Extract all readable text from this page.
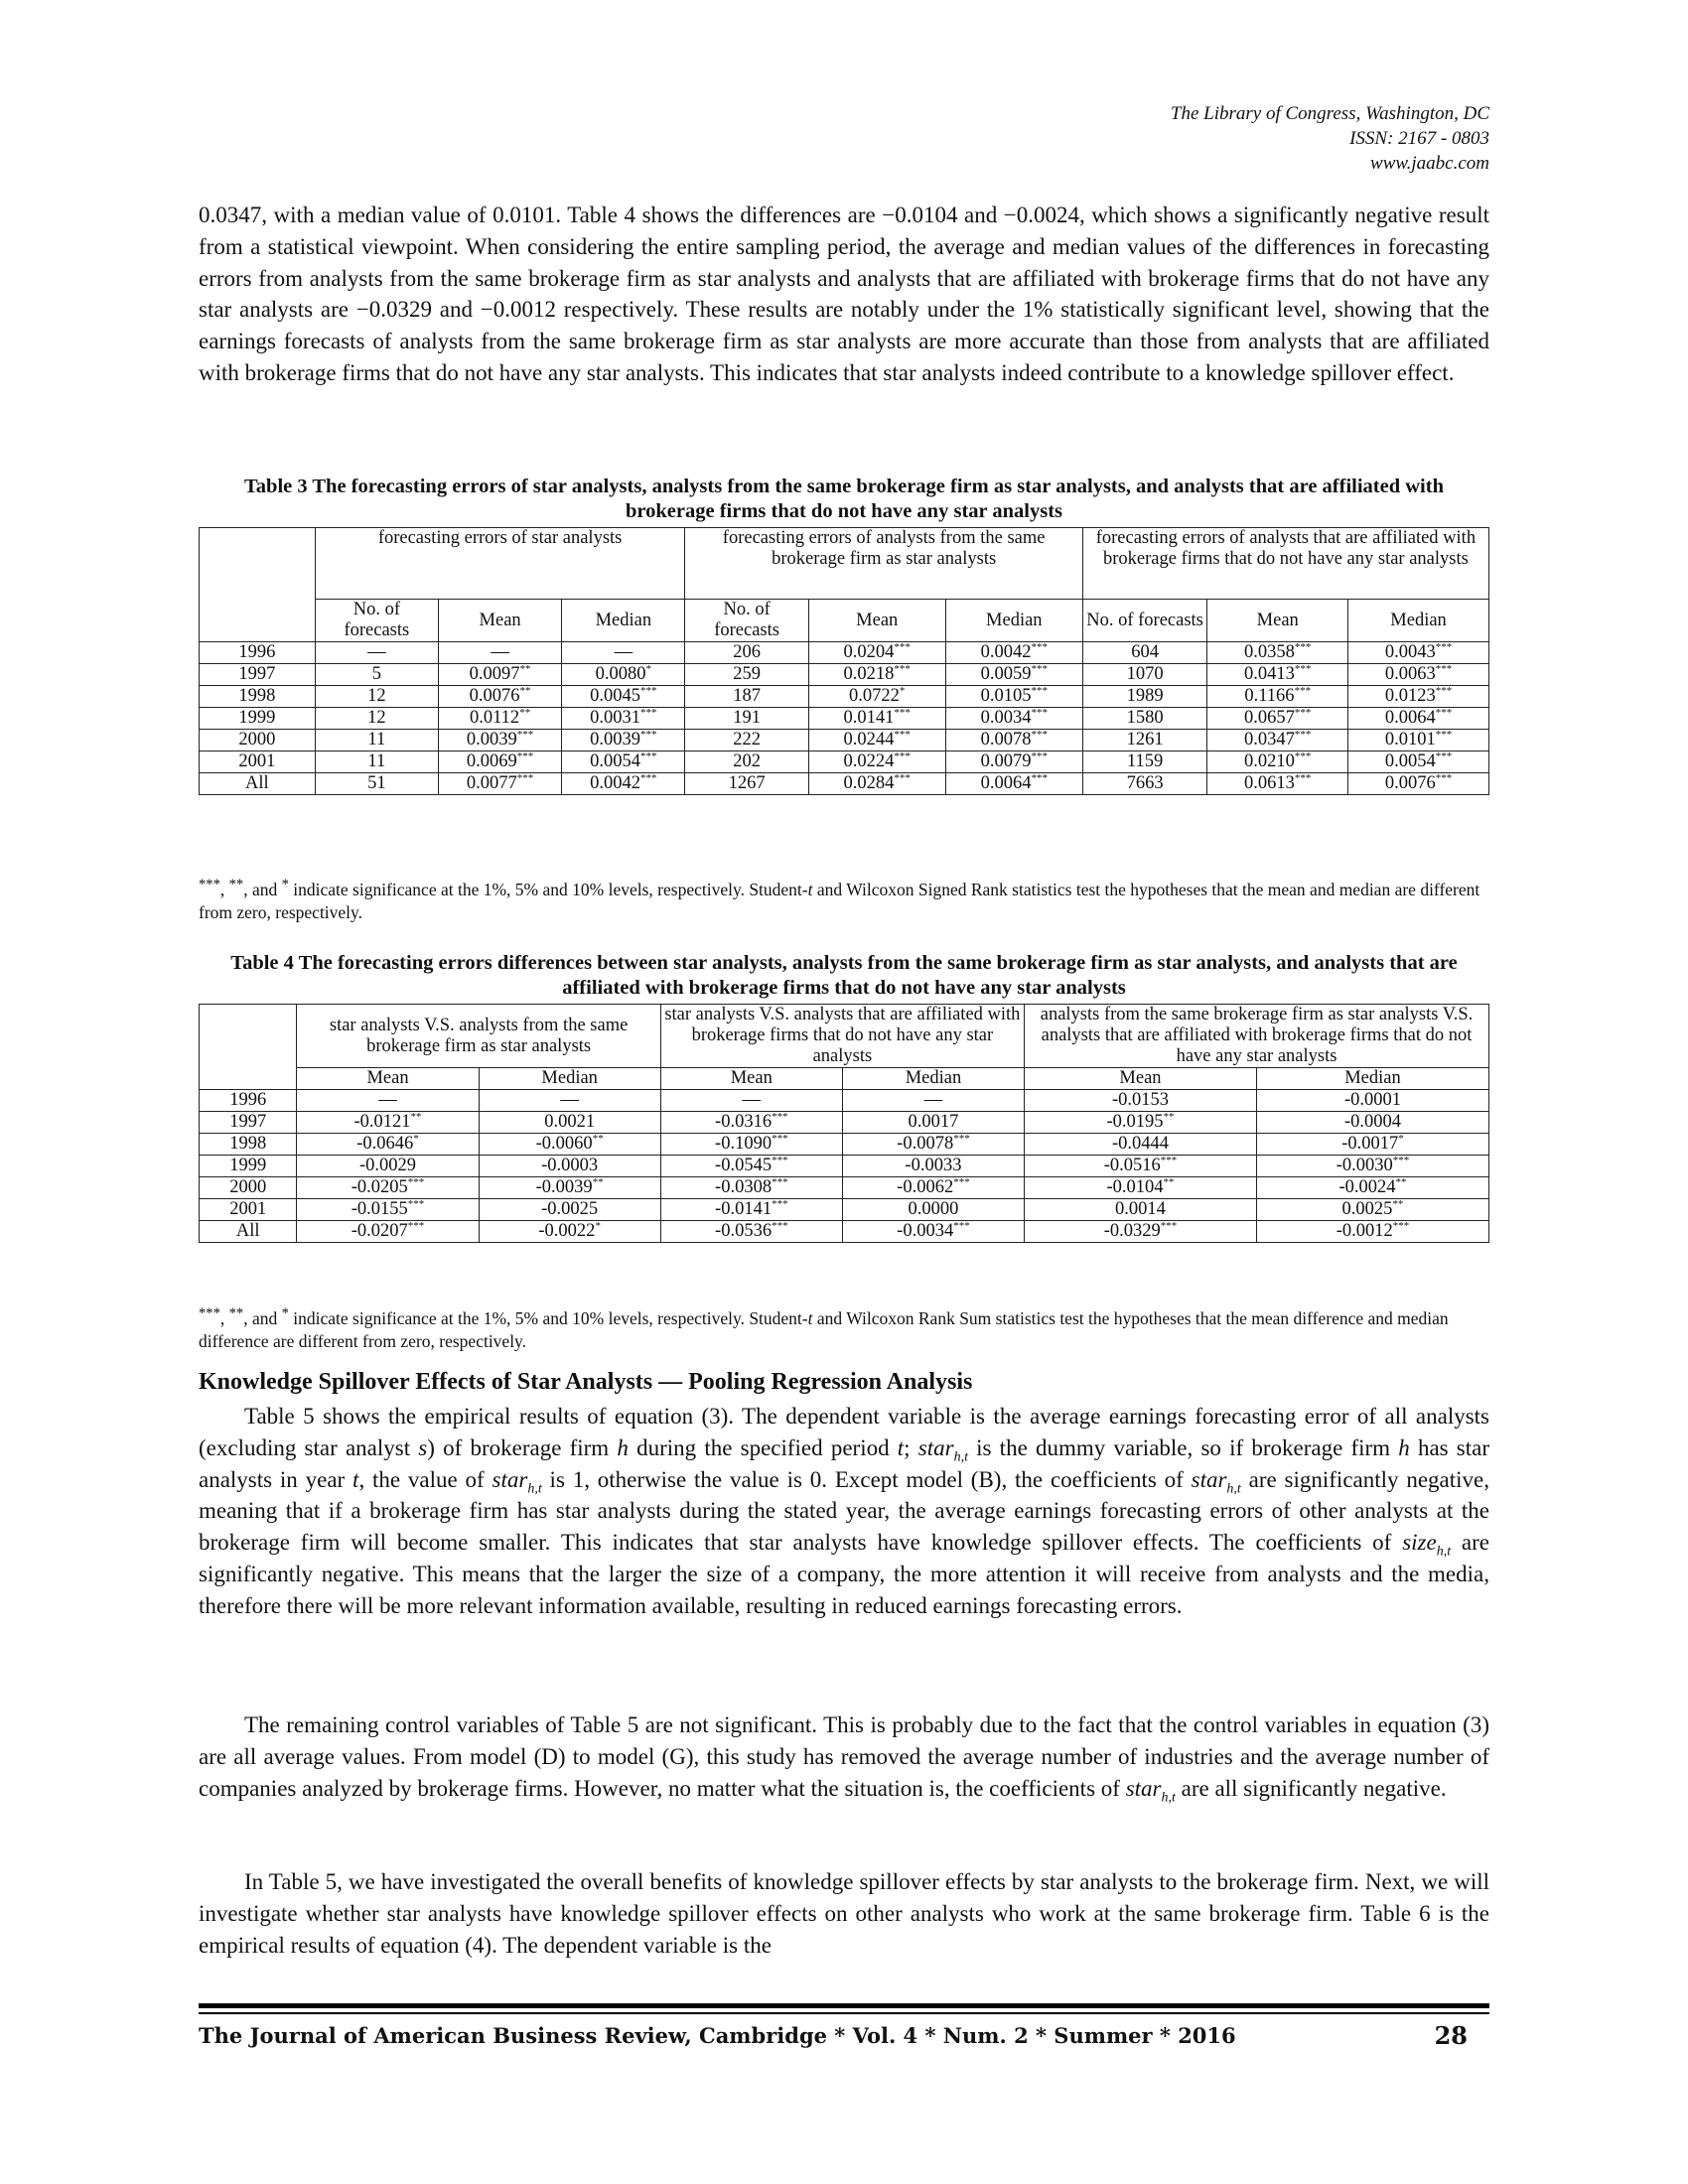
The Library of Congress, Washington, DC
ISSN: 2167 - 0803
www.jaabc.com

0.0347, with a median value of 0.0101. Table 4 shows the differences are −0.0104 and −0.0024, which shows a significantly negative result from a statistical viewpoint. When considering the entire sampling period, the average and median values of the differences in forecasting errors from analysts from the same brokerage firm as star analysts and analysts that are affiliated with brokerage firms that do not have any star analysts are −0.0329 and −0.0012 respectively. These results are notably under the 1% statistically significant level, showing that the earnings forecasts of analysts from the same brokerage firm as star analysts are more accurate than those from analysts that are affiliated with brokerage firms that do not have any star analysts. This indicates that star analysts indeed contribute to a knowledge spillover effect.

Table 3 The forecasting errors of star analysts, analysts from the same brokerage firm as star analysts, and analysts that are affiliated with brokerage firms that do not have any star analysts
	forecasting errors of star analysts			forecasting errors of analysts from the same brokerage firm as star analysts			forecasting errors of analysts that are affiliated with brokerage firms that do not have any star analysts		
	No. of forecasts	Mean	Median	No. of forecasts	Mean	Median	No. of forecasts	Mean	Median
1996	—	—	—	206	0.0204***	0.0042***	604	0.0358***	0.0043***
1997	5	0.0097**	0.0080*	259	0.0218***	0.0059***	1070	0.0413***	0.0063***
1998	12	0.0076**	0.0045***	187	0.0722*	0.0105***	1989	0.1166***	0.0123***
1999	12	0.0112**	0.0031***	191	0.0141***	0.0034***	1580	0.0657***	0.0064***
2000	11	0.0039***	0.0039***	222	0.0244***	0.0078***	1261	0.0347***	0.0101***
2001	11	0.0069***	0.0054***	202	0.0224***	0.0079***	1159	0.0210***	0.0054***
All	51	0.0077***	0.0042***	1267	0.0284***	0.0064***	7663	0.0613***	0.0076***
***, **, and * indicate significance at the 1%, 5% and 10% levels, respectively. Student-t and Wilcoxon Signed Rank statistics test the hypotheses that the mean and median are different from zero, respectively.
Table 4 The forecasting errors differences between star analysts, analysts from the same brokerage firm as star analysts, and analysts that are affiliated with brokerage firms that do not have any star analysts
	star analysts V.S. analysts from the same brokerage firm as star analysts		star analysts V.S. analysts that are affiliated with brokerage firms that do not have any star analysts		analysts from the same brokerage firm as star analysts V.S. analysts that are affiliated with brokerage firms that do not have any star analysts	
	Mean	Median	Mean	Median	Mean	Median
1996	—	—	—	—	-0.0153	-0.0001
1997	-0.0121**	0.0021	-0.0316***	0.0017	-0.0195**	-0.0004
1998	-0.0646*	-0.0060**	-0.1090***	-0.0078***	-0.0444	-0.0017*
1999	-0.0029	-0.0003	-0.0545***	-0.0033	-0.0516***	-0.0030***
2000	-0.0205***	-0.0039**	-0.0308***	-0.0062***	-0.0104**	-0.0024**
2001	-0.0155***	-0.0025	-0.0141***	0.0000	0.0014	0.0025**
All	-0.0207***	-0.0022*	-0.0536***	-0.0034***	-0.0329***	-0.0012***
***, **, and * indicate significance at the 1%, 5% and 10% levels, respectively. Student-t and Wilcoxon Rank Sum statistics test the hypotheses that the mean difference and median difference are different from zero, respectively.
Knowledge Spillover Effects of Star Analysts — Pooling Regression Analysis

Table 5 shows the empirical results of equation (3). The dependent variable is the average earnings forecasting error of all analysts (excluding star analyst s) of brokerage firm h during the specified period t; star$_{h,t}$ is the dummy variable, so if brokerage firm h has star analysts in year t, the value of star$_{h,t}$ is 1, otherwise the value is 0. Except model (B), the coefficients of star$_{h,t}$ are significantly negative, meaning that if a brokerage firm has star analysts during the stated year, the average earnings forecasting errors of other analysts at the brokerage firm will become smaller. This indicates that star analysts have knowledge spillover effects. The coefficients of size$_{h,t}$ are significantly negative. This means that the larger the size of a company, the more attention it will receive from analysts and the media, therefore there will be more relevant information available, resulting in reduced earnings forecasting errors.

The remaining control variables of Table 5 are not significant. This is probably due to the fact that the control variables in equation (3) are all average values. From model (D) to model (G), this study has removed the average number of industries and the average number of companies analyzed by brokerage firms. However, no matter what the situation is, the coefficients of star$_{h,t}$ are all significantly negative.

In Table 5, we have investigated the overall benefits of knowledge spillover effects by star analysts to the brokerage firm. Next, we will investigate whether star analysts have knowledge spillover effects on other analysts who work at the same brokerage firm. Table 6 is the empirical results of equation (4). The dependent variable is the

The Journal of American Business Review, Cambridge * Vol. 4 * Num. 2 * Summer * 2016	28
